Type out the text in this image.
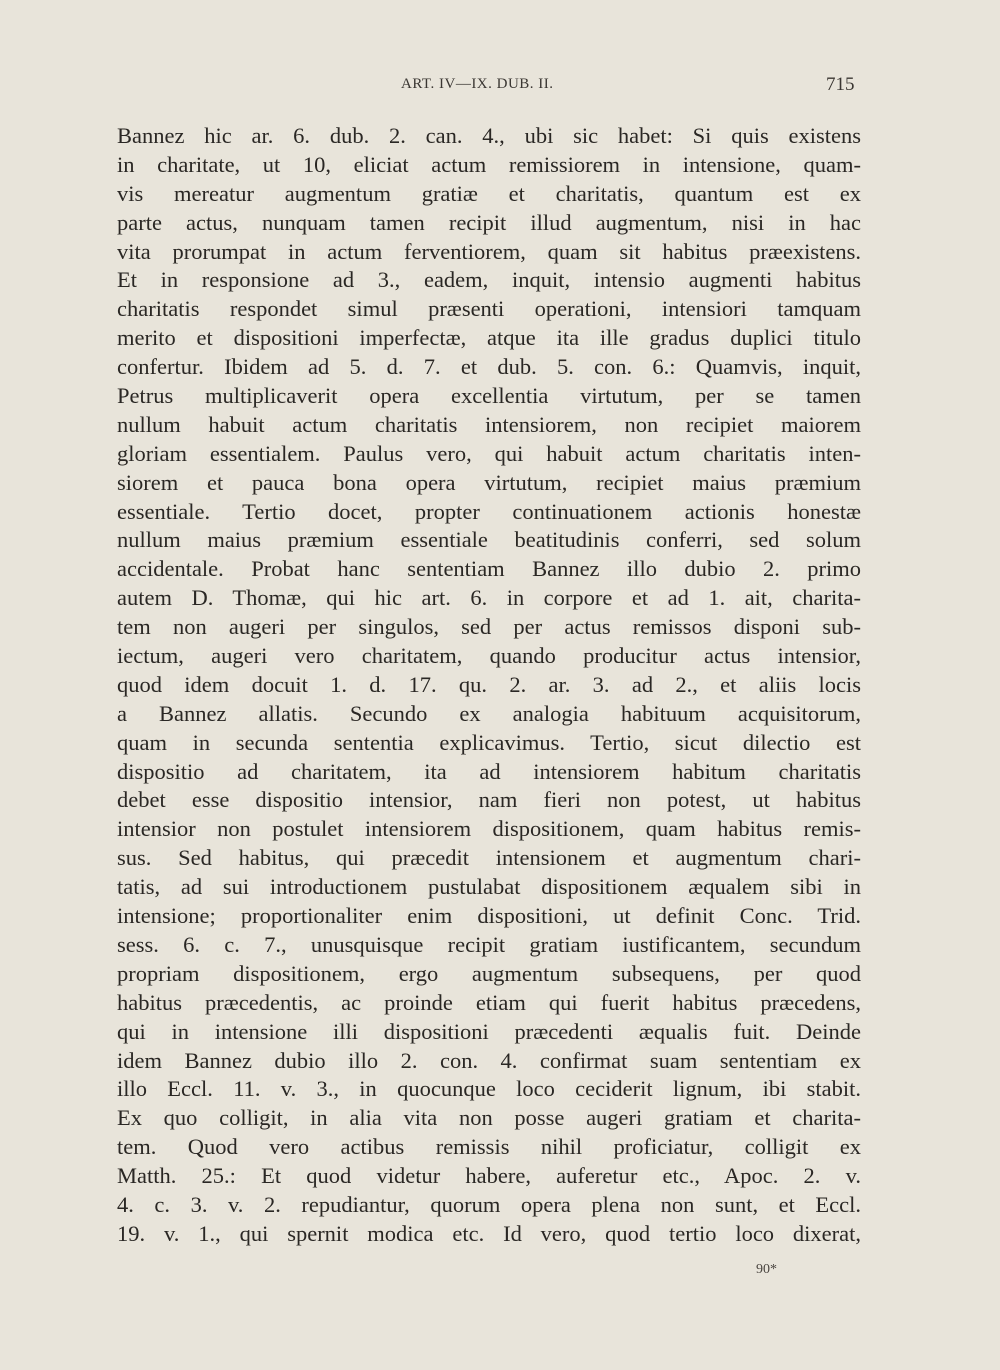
ART. IV—IX. DUB. II.	715
Bannez hic ar. 6. dub. 2. can. 4., ubi sic habet: Si quis existens
in charitate, ut 10, eliciat actum remissiorem in intensione, quam-
vis mereatur augmentum gratiæ et charitatis, quantum est ex
parte actus, nunquam tamen recipit illud augmentum, nisi in hac
vita prorumpat in actum ferventiorem, quam sit habitus præexistens.
Et in responsione ad 3., eadem, inquit, intensio augmenti habitus
charitatis respondet simul præsenti operationi, intensiori tamquam
merito et dispositioni imperfectæ, atque ita ille gradus duplici titulo
confertur. Ibidem ad 5. d. 7. et dub. 5. con. 6.: Quamvis, inquit,
Petrus multiplicaverit opera excellentia virtutum, per se tamen
nullum habuit actum charitatis intensiorem, non recipiet maiorem
gloriam essentialem. Paulus vero, qui habuit actum charitatis inten-
siorem et pauca bona opera virtutum, recipiet maius præmium
essentiale. Tertio docet, propter continuationem actionis honestæ
nullum maius præmium essentiale beatitudinis conferri, sed solum
accidentale. Probat hanc sententiam Bannez illo dubio 2. primo
autem D. Thomæ, qui hic art. 6. in corpore et ad 1. ait, charita-
tem non augeri per singulos, sed per actus remissos disponi sub-
iectum, augeri vero charitatem, quando producitur actus intensior,
quod idem docuit 1. d. 17. qu. 2. ar. 3. ad 2., et aliis locis
a Bannez allatis. Secundo ex analogia habituum acquisitorum,
quam in secunda sententia explicavimus. Tertio, sicut dilectio est
dispositio ad charitatem, ita ad intensiorem habitum charitatis
debet esse dispositio intensior, nam fieri non potest, ut habitus
intensior non postulet intensiorem dispositionem, quam habitus remis-
sus. Sed habitus, qui præcedit intensionem et augmentum chari-
tatis, ad sui introductionem pustulabat dispositionem æqualem sibi in
intensione; proportionaliter enim dispositioni, ut definit Conc. Trid.
sess. 6. c. 7., unusquisque recipit gratiam iustificantem, secundum
propriam dispositionem, ergo augmentum subsequens, per quod
habitus præcedentis, ac proinde etiam qui fuerit habitus præcedens,
qui in intensione illi dispositioni præcedenti æqualis fuit. Deinde
idem Bannez dubio illo 2. con. 4. confirmat suam sententiam ex
illo Eccl. 11. v. 3., in quocunque loco ceciderit lignum, ibi stabit.
Ex quo colligit, in alia vita non posse augeri gratiam et charita-
tem. Quod vero actibus remissis nihil proficiatur, colligit ex
Matth. 25.: Et quod videtur habere, auferetur etc., Apoc. 2. v.
4. c. 3. v. 2. repudiantur, quorum opera plena non sunt, et Eccl.
19. v. 1., qui spernit modica etc. Id vero, quod tertio loco dixerat,
90*
